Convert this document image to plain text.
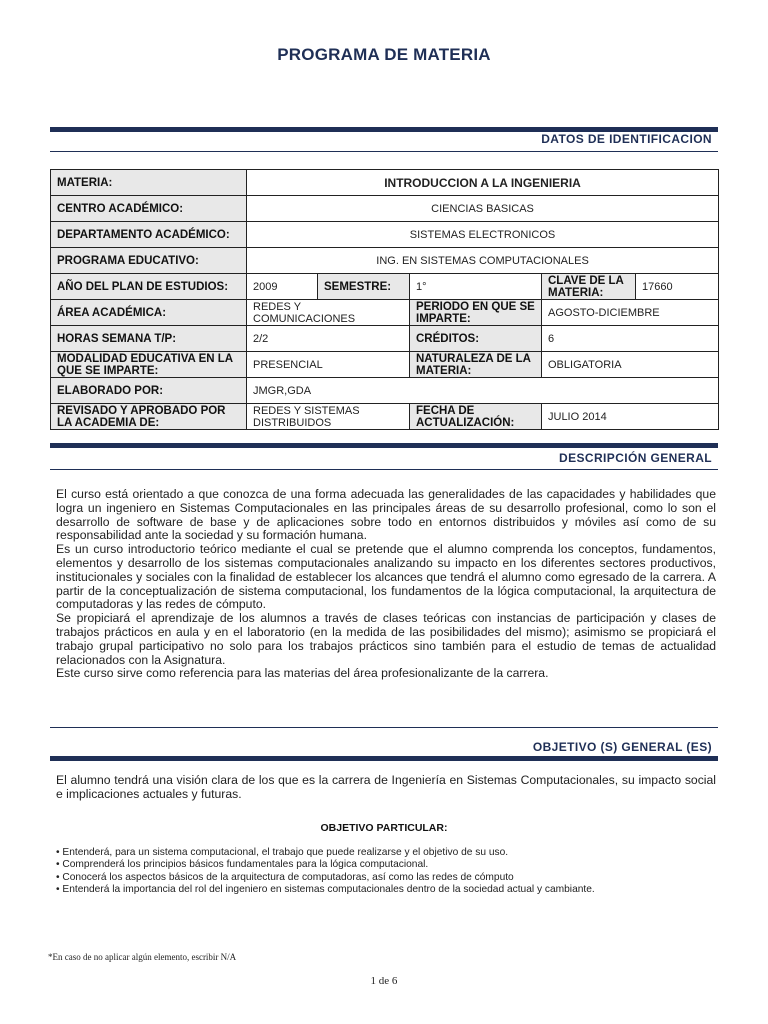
PROGRAMA DE MATERIA
DATOS DE IDENTIFICACION
MATERIA:	INTRODUCCION A LA INGENIERIA				
CENTRO ACADÉMICO:	CIENCIAS BASICAS				
DEPARTAMENTO ACADÉMICO:	SISTEMAS ELECTRONICOS				
PROGRAMA EDUCATIVO:	ING. EN SISTEMAS COMPUTACIONALES				
AÑO DEL PLAN DE ESTUDIOS:	2009	SEMESTRE:	1°	CLAVE DE LA MATERIA:	17660
ÁREA ACADÉMICA:	REDES Y COMUNICACIONES		PERIODO EN QUE SE IMPARTE:	AGOSTO-DICIEMBRE	
HORAS SEMANA T/P:	2/2		CRÉDITOS:	6	
MODALIDAD EDUCATIVA EN LA QUE SE IMPARTE:	PRESENCIAL		NATURALEZA DE LA MATERIA:	OBLIGATORIA	
ELABORADO POR:	JMGR,GDA				
REVISADO Y APROBADO POR LA ACADEMIA DE:	REDES Y SISTEMAS DISTRIBUIDOS		FECHA DE ACTUALIZACIÓN:	JULIO 2014	
DESCRIPCIÓN GENERAL
El curso está orientado a que conozca de una forma adecuada las generalidades de las capacidades y habilidades que logra un ingeniero en Sistemas Computacionales en las principales áreas de su desarrollo profesional, como lo son el desarrollo de software de base y de aplicaciones sobre todo en entornos distribuidos y móviles así como de su responsabilidad ante la sociedad y su formación humana.
Es un curso introductorio teórico mediante el cual se pretende que el alumno comprenda los conceptos, fundamentos, elementos y desarrollo de los sistemas computacionales analizando su impacto en los diferentes sectores productivos, institucionales y sociales con la finalidad de establecer los alcances que tendrá el alumno como egresado de la carrera. A partir de la conceptualización de sistema computacional, los fundamentos de la lógica computacional, la arquitectura de computadoras y las redes de cómputo.
Se propiciará el aprendizaje de los alumnos a través de clases teóricas con instancias de participación y clases de trabajos prácticos en aula y en el laboratorio (en la medida de las posibilidades del mismo); asimismo se propiciará el trabajo grupal participativo no solo para los trabajos prácticos sino también para el estudio de temas de actualidad relacionados con la Asignatura.
Este curso sirve como referencia para las materias del área profesionalizante de la carrera.
OBJETIVO (S) GENERAL (ES)
El alumno tendrá una visión clara de los que es la carrera de Ingeniería en Sistemas Computacionales, su impacto social e implicaciones actuales y futuras.
OBJETIVO PARTICULAR:
• Entenderá, para un sistema computacional, el trabajo que puede realizarse y el objetivo de su uso.
• Comprenderá los principios básicos fundamentales para la lógica computacional.
• Conocerá los aspectos básicos de la arquitectura de computadoras, así como las redes de cómputo
• Entenderá la importancia del rol del ingeniero en sistemas computacionales dentro de la sociedad actual y cambiante.
*En caso de no aplicar algún elemento, escribir N/A
1 de 6
